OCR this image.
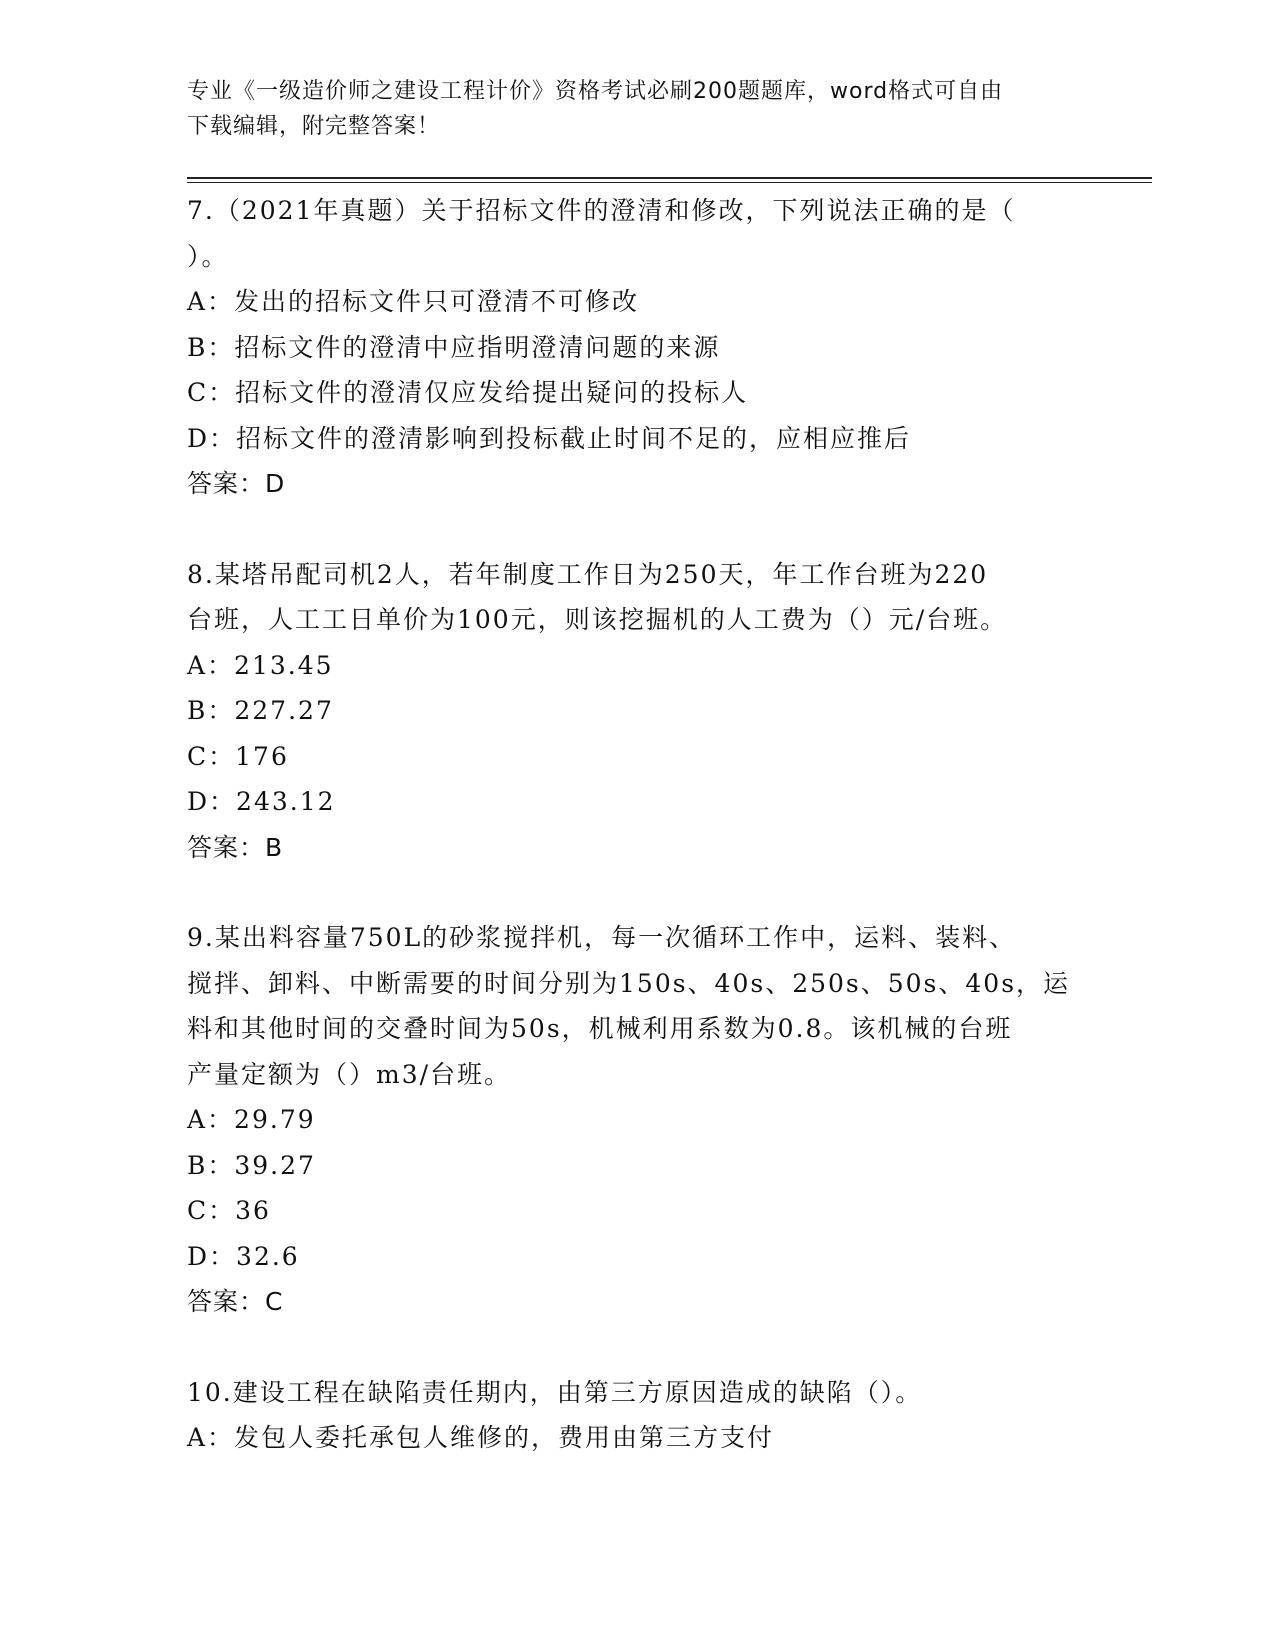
专业《一级造价师之建设工程计价》资格考试必刷200题题库，word格式可自由
下载编辑，附完整答案！
7.（2021年真题）关于招标文件的澄清和修改，下列说法正确的是（
）。
A：发出的招标文件只可澄清不可修改
B：招标文件的澄清中应指明澄清问题的来源
C：招标文件的澄清仅应发给提出疑问的投标人
D：招标文件的澄清影响到投标截止时间不足的，应相应推后
答案：D
8.某塔吊配司机2人，若年制度工作日为250天，年工作台班为220
台班，人工工日单价为100元，则该挖掘机的人工费为（）元/台班。
A：213.45
B：227.27
C：176
D：243.12
答案：B
9.某出料容量750L的砂浆搅拌机，每一次循环工作中，运料、装料、
搅拌、卸料、中断需要的时间分别为150s、40s、250s、50s、40s，运
料和其他时间的交叠时间为50s，机械利用系数为0.8。该机械的台班
产量定额为（）m3/台班。
A：29.79
B：39.27
C：36
D：32.6
答案：C
10.建设工程在缺陷责任期内，由第三方原因造成的缺陷（）。
A：发包人委托承包人维修的，费用由第三方支付
